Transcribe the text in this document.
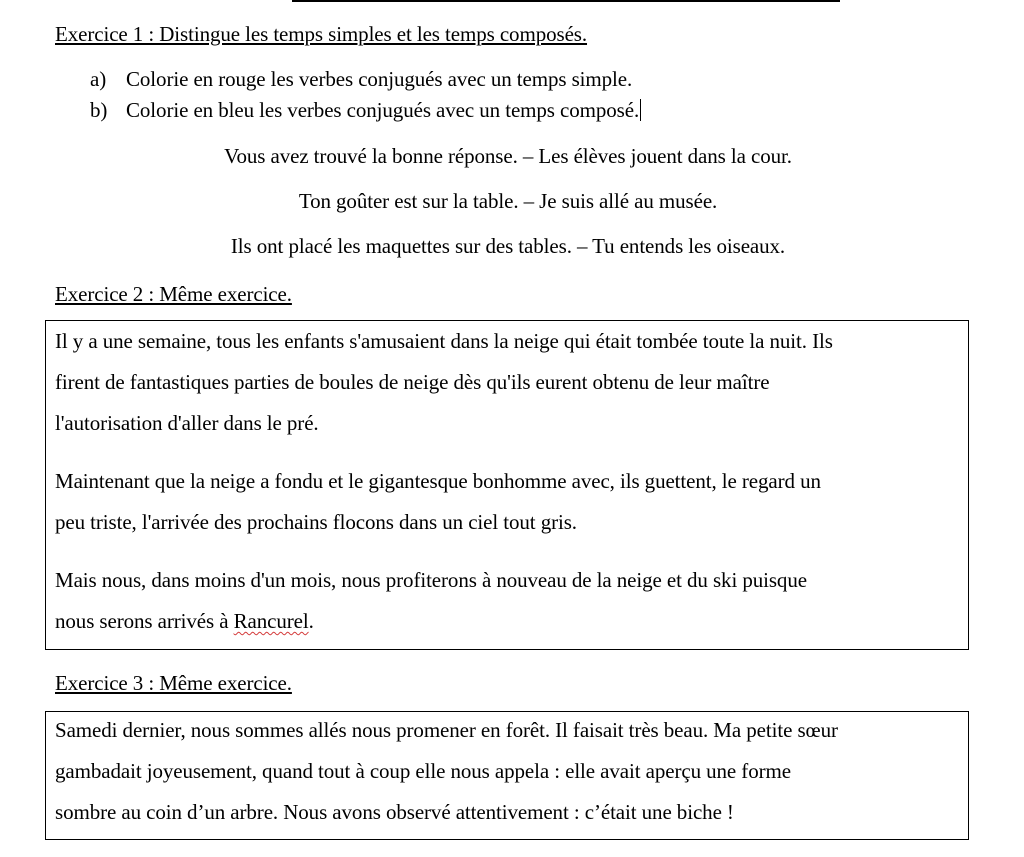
Exercice 1 : Distingue les temps simples et les temps composés.
a) Colorie en rouge les verbes conjugués avec un temps simple.
b) Colorie en bleu les verbes conjugués avec un temps composé.
Vous avez trouvé la bonne réponse. – Les élèves jouent dans la cour.
Ton goûter est sur la table. – Je suis allé au musée.
Ils ont placé les maquettes sur des tables. – Tu entends les oiseaux.
Exercice 2 : Même exercice.
Il y a une semaine, tous les enfants s'amusaient dans la neige qui était tombée toute la nuit. Ils
firent de fantastiques parties de boules de neige dès qu'ils eurent obtenu de leur maître
l'autorisation d'aller dans le pré.
Maintenant que la neige a fondu et le gigantesque bonhomme avec, ils guettent, le regard un
peu triste, l'arrivée des prochains flocons dans un ciel tout gris.
Mais nous, dans moins d'un mois, nous profiterons à nouveau de la neige et du ski puisque
nous serons arrivés à Rancurel.
Exercice 3 : Même exercice.
Samedi dernier, nous sommes allés nous promener en forêt. Il faisait très beau. Ma petite sœur
gambadait joyeusement, quand tout à coup elle nous appela : elle avait aperçu une forme
sombre au coin d’un arbre. Nous avons observé attentivement : c’était une biche !
